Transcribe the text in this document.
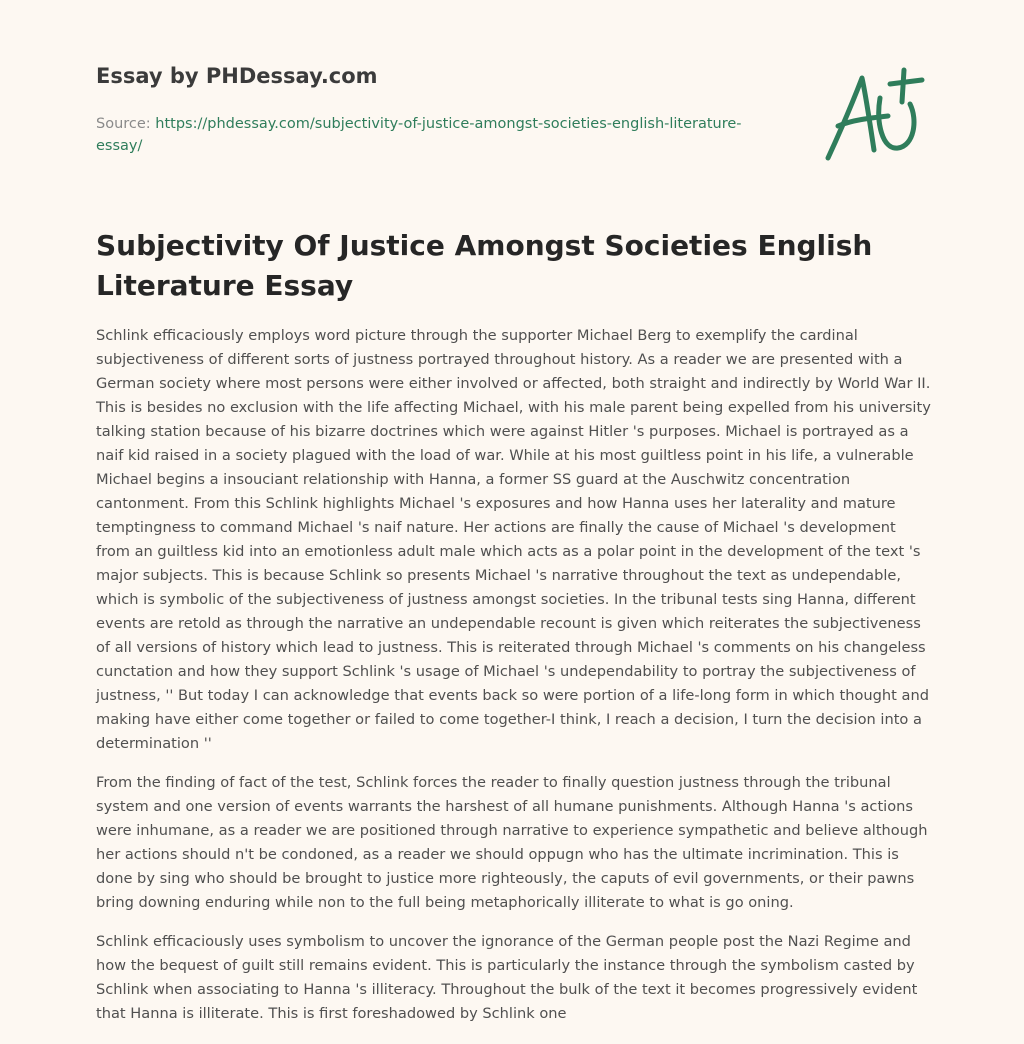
Essay by PHDessay.com
Source: https://phdessay.com/subjectivity-of-justice-amongst-societies-english-literature-essay/
Subjectivity Of Justice Amongst Societies English Literature Essay

Schlink efficaciously employs word picture through the supporter Michael Berg to exemplify the cardinal subjectiveness of different sorts of justness portrayed throughout history. As a reader we are presented with a German society where most persons were either involved or affected, both straight and indirectly by World War II. This is besides no exclusion with the life affecting Michael, with his male parent being expelled from his university talking station because of his bizarre doctrines which were against Hitler 's purposes. Michael is portrayed as a naif kid raised in a society plagued with the load of war. While at his most guiltless point in his life, a vulnerable Michael begins a insouciant relationship with Hanna, a former SS guard at the Auschwitz concentration cantonment. From this Schlink highlights Michael 's exposures and how Hanna uses her laterality and mature temptingness to command Michael 's naif nature. Her actions are finally the cause of Michael 's development from an guiltless kid into an emotionless adult male which acts as a polar point in the development of the text 's major subjects. This is because Schlink so presents Michael 's narrative throughout the text as undependable, which is symbolic of the subjectiveness of justness amongst societies. In the tribunal tests sing Hanna, different events are retold as through the narrative an undependable recount is given which reiterates the subjectiveness of all versions of history which lead to justness. This is reiterated through Michael 's comments on his changeless cunctation and how they support Schlink 's usage of Michael 's undependability to portray the subjectiveness of justness, '' But today I can acknowledge that events back so were portion of a life-long form in which thought and making have either come together or failed to come together-I think, I reach a decision, I turn the decision into a determination ''

From the finding of fact of the test, Schlink forces the reader to finally question justness through the tribunal system and one version of events warrants the harshest of all humane punishments. Although Hanna 's actions were inhumane, as a reader we are positioned through narrative to experience sympathetic and believe although her actions should n't be condoned, as a reader we should oppugn who has the ultimate incrimination. This is done by sing who should be brought to justice more righteously, the caputs of evil governments, or their pawns bring downing enduring while non to the full being metaphorically illiterate to what is go oning.

Schlink efficaciously uses symbolism to uncover the ignorance of the German people post the Nazi Regime and how the bequest of guilt still remains evident. This is particularly the instance through the symbolism casted by Schlink when associating to Hanna 's illiteracy. Throughout the bulk of the text it becomes progressively evident that Hanna is illiterate. This is first foreshadowed by Schlink one
